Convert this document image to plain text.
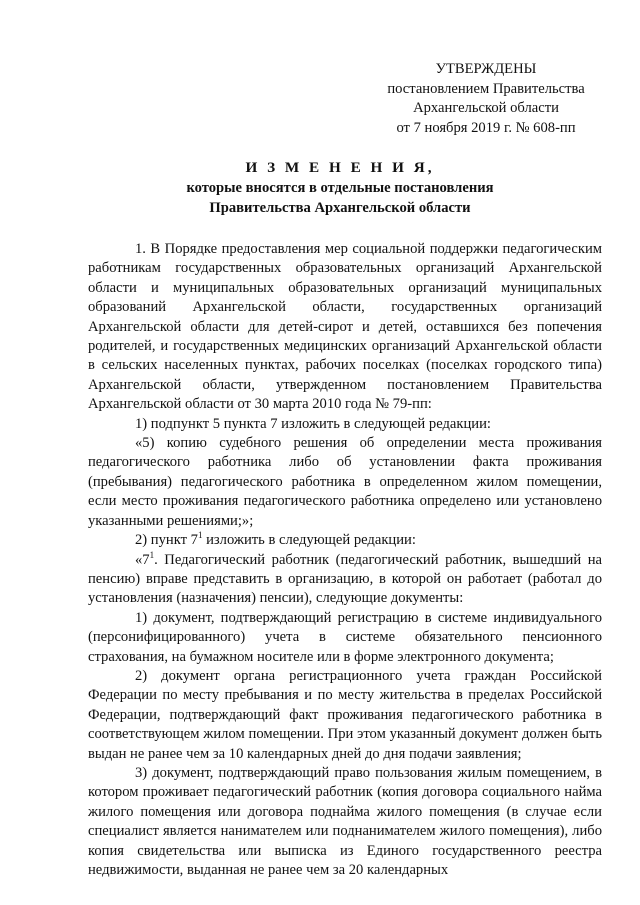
УТВЕРЖДЕНЫ
постановлением Правительства
Архангельской области
от 7 ноября 2019 г. № 608-пп
И З М Е Н Е Н И Я,
которые вносятся в отдельные постановления
Правительства Архангельской области

1. В Порядке предоставления мер социальной поддержки педагогическим работникам государственных образовательных организаций Архангельской области и муниципальных образовательных организаций муниципальных образований Архангельской области, государственных организаций Архангельской области для детей-сирот и детей, оставшихся без попечения родителей, и государственных медицинских организаций Архангельской области в сельских населенных пунктах, рабочих поселках (поселках городского типа) Архангельской области, утвержденном постановлением Правительства Архангельской области от 30 марта 2010 года № 79-пп:

1) подпункт 5 пункта 7 изложить в следующей редакции:

«5) копию судебного решения об определении места проживания педагогического работника либо об установлении факта проживания (пребывания) педагогического работника в определенном жилом помещении, если место проживания педагогического работника определено или установлено указанными решениями;»;

2) пункт $7^1$ изложить в следующей редакции:

«$7^1$. Педагогический работник (педагогический работник, вышедший на пенсию) вправе представить в организацию, в которой он работает (работал до установления (назначения) пенсии), следующие документы:

1) документ, подтверждающий регистрацию в системе индивидуального (персонифицированного) учета в системе обязательного пенсионного страхования, на бумажном носителе или в форме электронного документа;

2) документ органа регистрационного учета граждан Российской Федерации по месту пребывания и по месту жительства в пределах Российской Федерации, подтверждающий факт проживания педагогического работника в соответствующем жилом помещении. При этом указанный документ должен быть выдан не ранее чем за 10 календарных дней до дня подачи заявления;

3) документ, подтверждающий право пользования жилым помещением, в котором проживает педагогический работник (копия договора социального найма жилого помещения или договора поднайма жилого помещения (в случае если специалист является нанимателем или поднанимателем жилого помещения), либо копия свидетельства или выписка из Единого государственного реестра недвижимости, выданная не ранее чем за 20 календарных
